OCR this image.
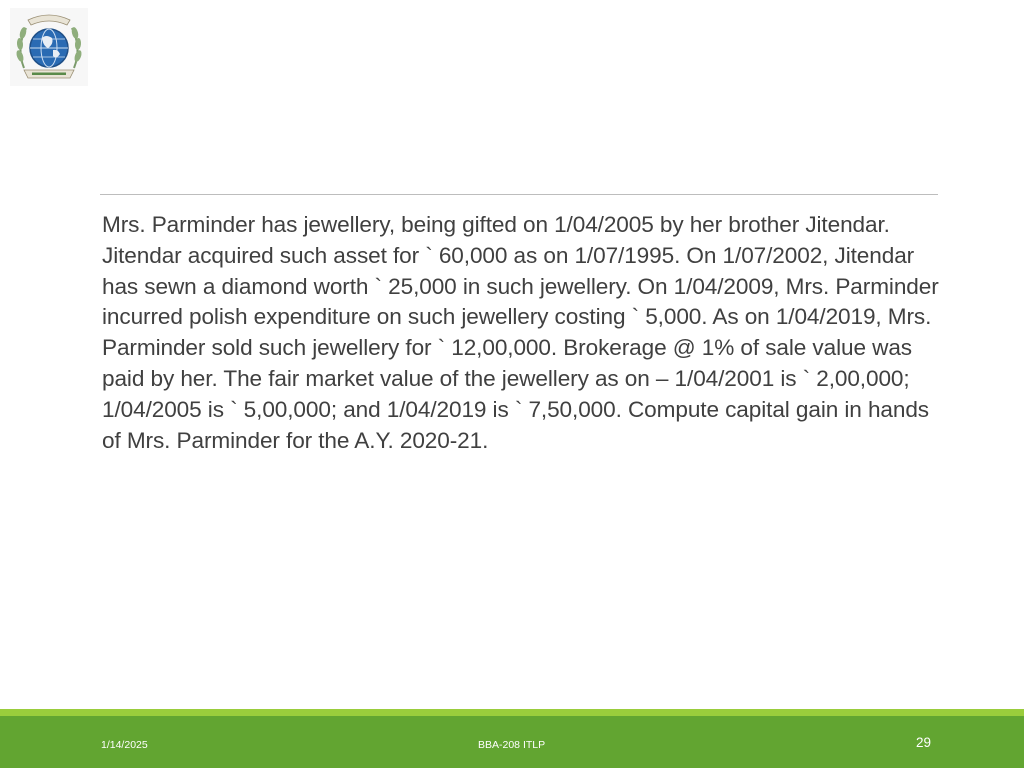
Mrs. Parminder has jewellery, being gifted on 1/04/2005 by her brother Jitendar. Jitendar acquired such asset for ` 60,000 as on 1/07/1995. On 1/07/2002, Jitendar has sewn a diamond worth ` 25,000 in such jewellery. On 1/04/2009, Mrs. Parminder incurred polish expenditure on such jewellery costing ` 5,000. As on 1/04/2019, Mrs. Parminder sold such jewellery for ` 12,00,000. Brokerage @ 1% of sale value was paid by her. The fair market value of the jewellery as on – 1/04/2001 is ` 2,00,000; 1/04/2005 is ` 5,00,000; and 1/04/2019 is ` 7,50,000. Compute capital gain in hands of Mrs. Parminder for the A.Y. 2020-21.

1/14/2025	BBA-208 ITLP	29
